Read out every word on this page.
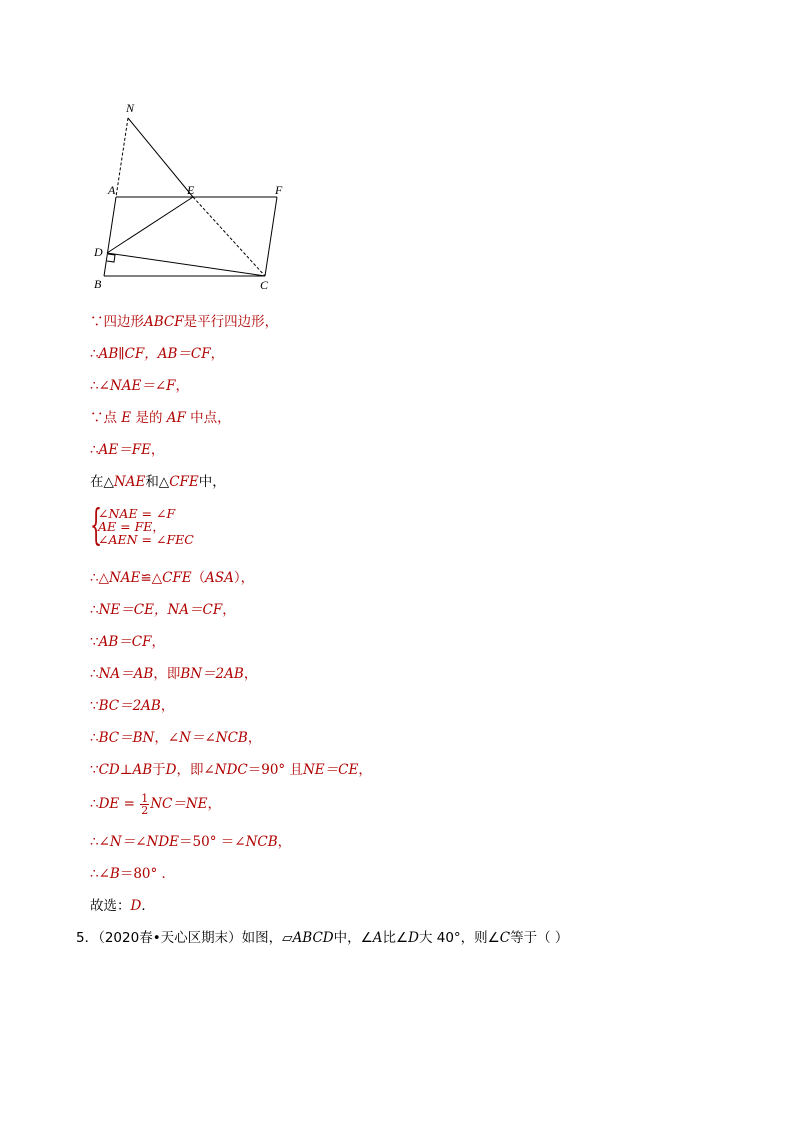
N
A	E	F
D
B	C
∵四边形ABCF是平行四边形，
∴AB∥CF，AB＝CF，
∴∠NAE＝∠F，
∵点 E 是的 AF 中点，
∴AE＝FE，
在△NAE和△CFE中，
{
∠NAE = ∠F
AE = FE，
∠AEN = ∠FEC
∴△NAE≌△CFE（ASA），
∴NE＝CE，NA＝CF，
∵AB＝CF，
∴NA＝AB，即BN＝2AB，
∵BC＝2AB，
∴BC＝BN，∠N＝∠NCB，
∵CD⊥AB于D，即∠NDC＝90° 且NE＝CE，
∴DE = $\frac{1}{2} NC=NE$，
∴∠N＝∠NDE＝50° ＝∠NCB，
∴∠B＝80° ．
故选：D．
5．（2020春•天心区期末）如图，▱ABCD中，∠A比∠D大 40°，则∠C等于（ ）
